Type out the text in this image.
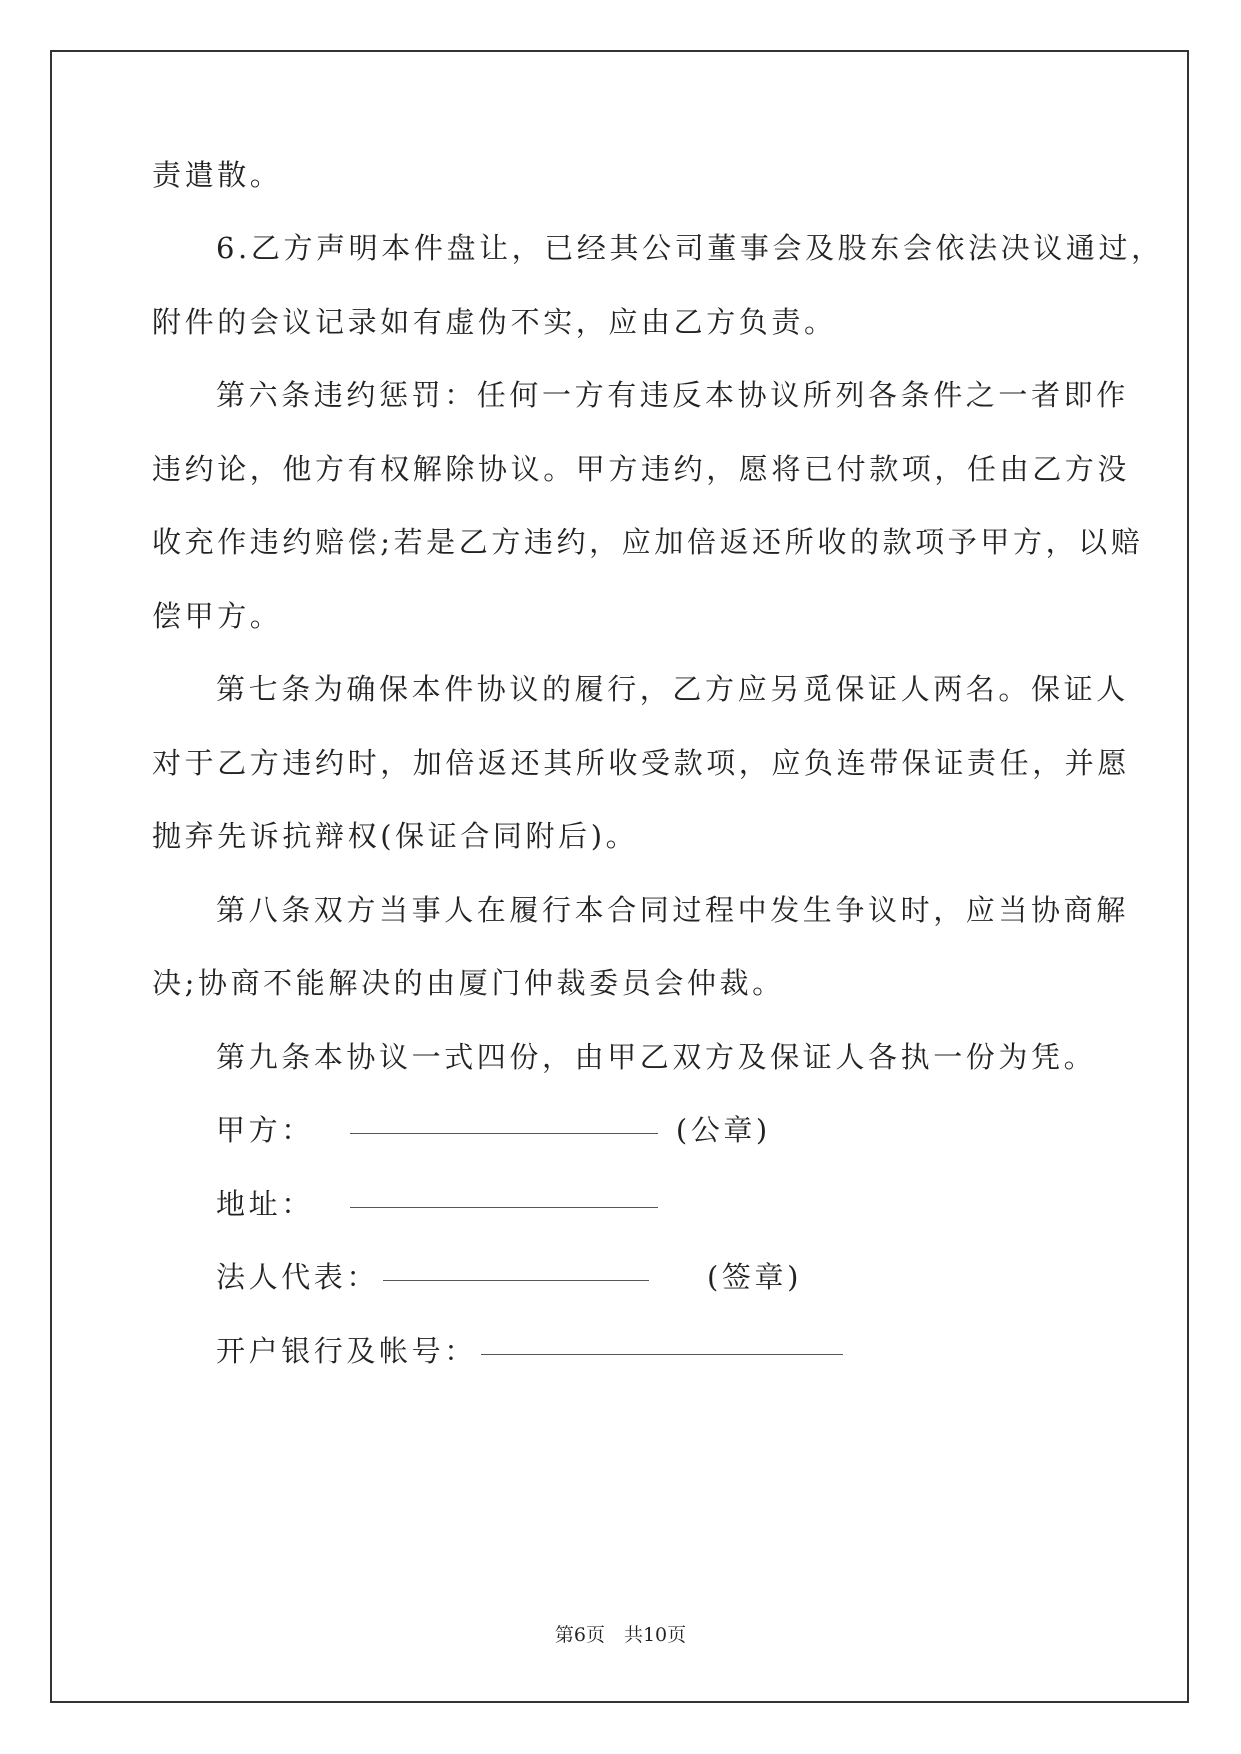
责遣散。
6.乙方声明本件盘让，已经其公司董事会及股东会依法决议通过，
附件的会议记录如有虚伪不实，应由乙方负责。
第六条违约惩罚：任何一方有违反本协议所列各条件之一者即作
违约论，他方有权解除协议。甲方违约，愿将已付款项，任由乙方没
收充作违约赔偿;若是乙方违约，应加倍返还所收的款项予甲方，以赔
偿甲方。
第七条为确保本件协议的履行，乙方应另觅保证人两名。保证人
对于乙方违约时，加倍返还其所收受款项，应负连带保证责任，并愿
抛弃先诉抗辩权(保证合同附后)。
第八条双方当事人在履行本合同过程中发生争议时，应当协商解
决;协商不能解决的由厦门仲裁委员会仲裁。
第九条本协议一式四份，由甲乙双方及保证人各执一份为凭。
甲方：	(公章)
地址：
法人代表：	(签章)
开户银行及帐号：
第6页　共10页
